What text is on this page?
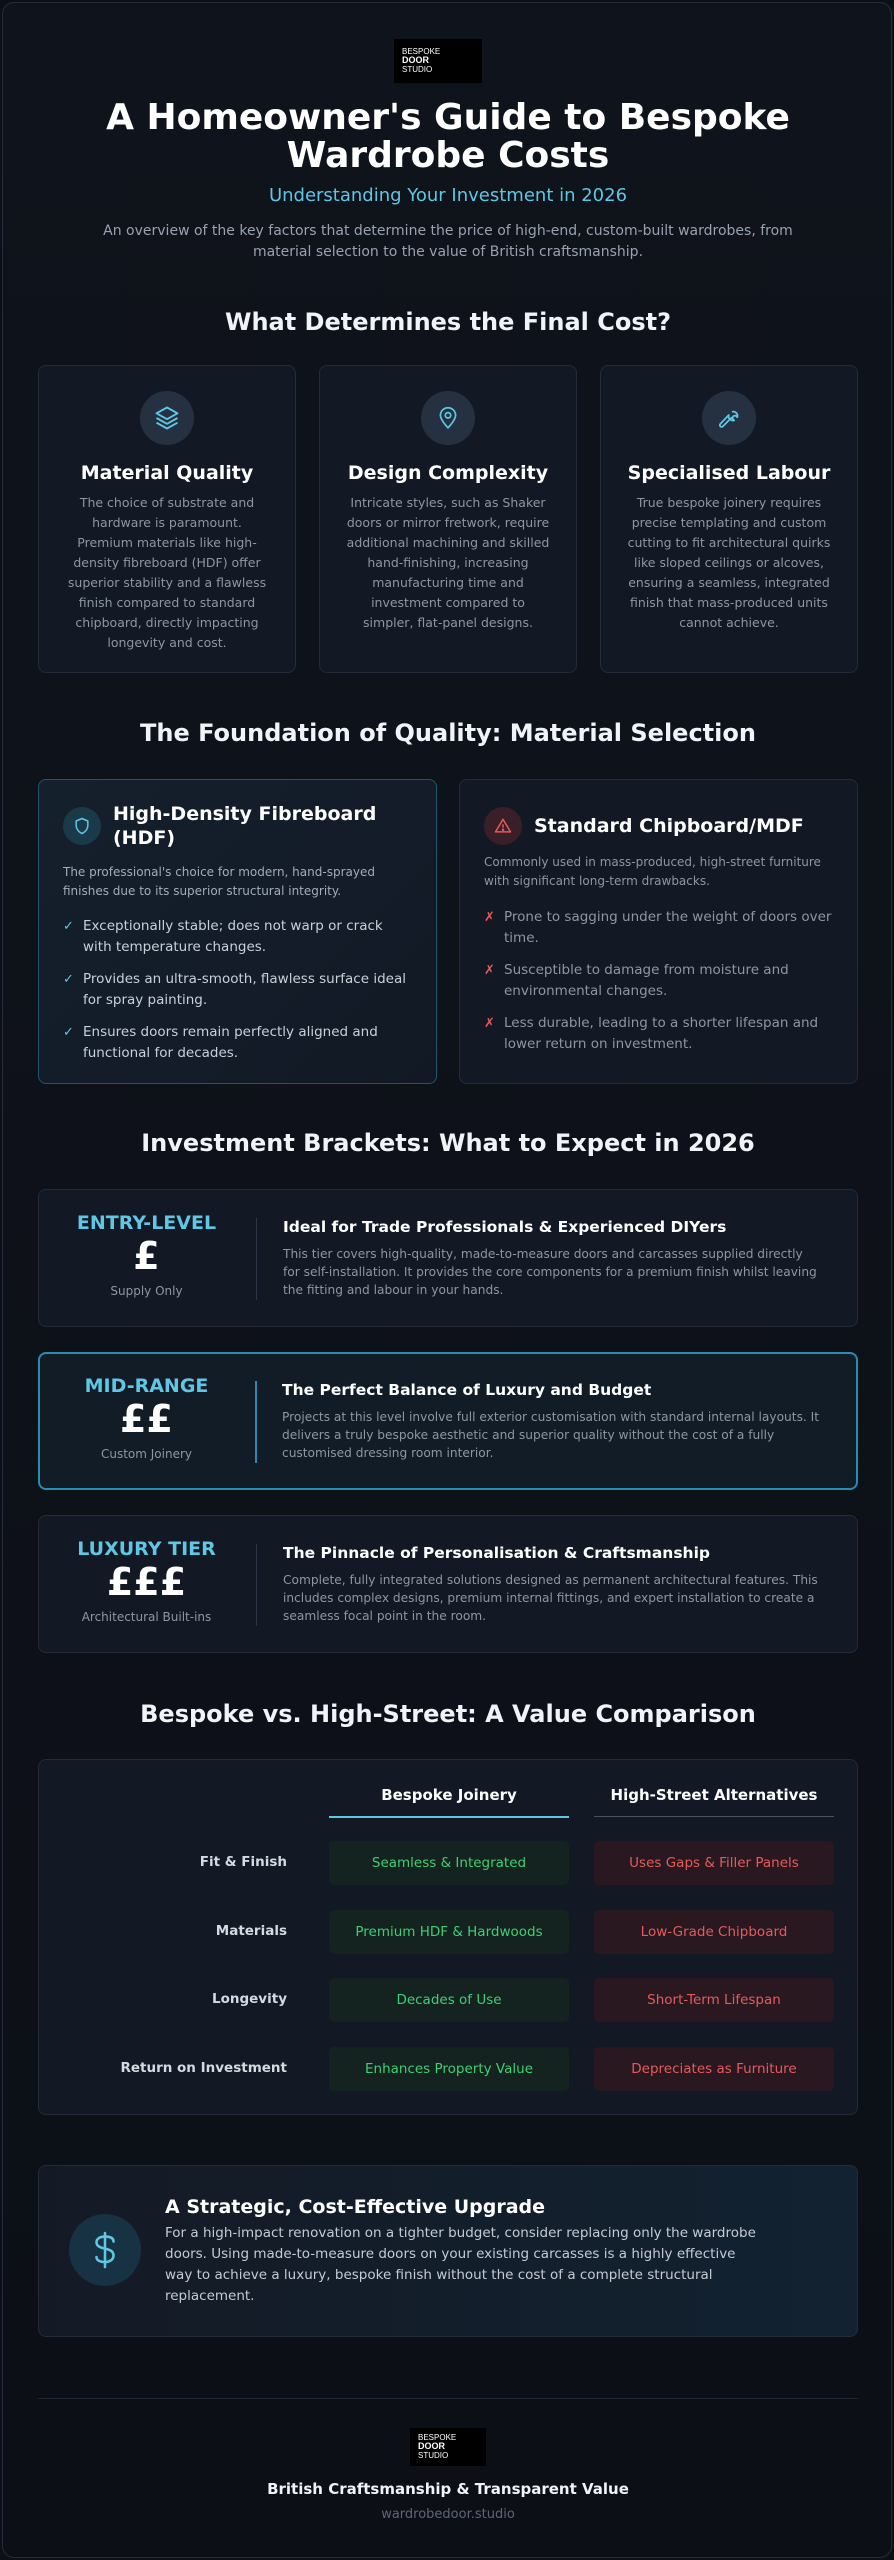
BESPOKE
DOOR
STUDIO
A Homeowner's Guide to Bespoke
Wardrobe Costs
Understanding Your Investment in 2026
An overview of the key factors that determine the price of high-end, custom-built wardrobes, from
material selection to the value of British craftsmanship.
What Determines the Final Cost?
Material Quality
The choice of substrate and hardware is paramount. Premium materials like high-density fibreboard (HDF) offer superior stability and a flawless finish compared to standard chipboard, directly impacting longevity and cost.
Design Complexity
Intricate styles, such as Shaker doors or mirror fretwork, require additional machining and skilled hand-finishing, increasing manufacturing time and investment compared to simpler, flat-panel designs.
Specialised Labour
True bespoke joinery requires precise templating and custom cutting to fit architectural quirks like sloped ceilings or alcoves, ensuring a seamless, integrated finish that mass-produced units cannot achieve.
The Foundation of Quality: Material Selection
High-Density Fibreboard
(HDF)
The professional's choice for modern, hand-sprayed finishes due to its superior structural integrity.
✓ Exceptionally stable; does not warp or crack with temperature changes.
✓ Provides an ultra-smooth, flawless surface ideal for spray painting.
✓ Ensures doors remain perfectly aligned and functional for decades.
Standard Chipboard/MDF
Commonly used in mass-produced, high-street furniture with significant long-term drawbacks.
✗ Prone to sagging under the weight of doors over time.
✗ Susceptible to damage from moisture and environmental changes.
✗ Less durable, leading to a shorter lifespan and lower return on investment.
Investment Brackets: What to Expect in 2026
ENTRY-LEVEL
£
Supply Only
Ideal for Trade Professionals & Experienced DIYers
This tier covers high-quality, made-to-measure doors and carcasses supplied directly for self-installation. It provides the core components for a premium finish whilst leaving the fitting and labour in your hands.
MID-RANGE
££
Custom Joinery
The Perfect Balance of Luxury and Budget
Projects at this level involve full exterior customisation with standard internal layouts. It delivers a truly bespoke aesthetic and superior quality without the cost of a fully customised dressing room interior.
LUXURY TIER
£££
Architectural Built-ins
The Pinnacle of Personalisation & Craftsmanship
Complete, fully integrated solutions designed as permanent architectural features. This includes complex designs, premium internal fittings, and expert installation to create a seamless focal point in the room.
Bespoke vs. High-Street: A Value Comparison
Bespoke Joinery	High-Street Alternatives
Fit & Finish	Seamless & Integrated	Uses Gaps & Filler Panels
Materials	Premium HDF & Hardwoods	Low-Grade Chipboard
Longevity	Decades of Use	Short-Term Lifespan
Return on Investment	Enhances Property Value	Depreciates as Furniture
A Strategic, Cost-Effective Upgrade
For a high-impact renovation on a tighter budget, consider replacing only the wardrobe doors. Using made-to-measure doors on your existing carcasses is a highly effective way to achieve a luxury, bespoke finish without the cost of a complete structural replacement.
BESPOKE
DOOR
STUDIO
British Craftsmanship & Transparent Value
wardrobedoor.studio
